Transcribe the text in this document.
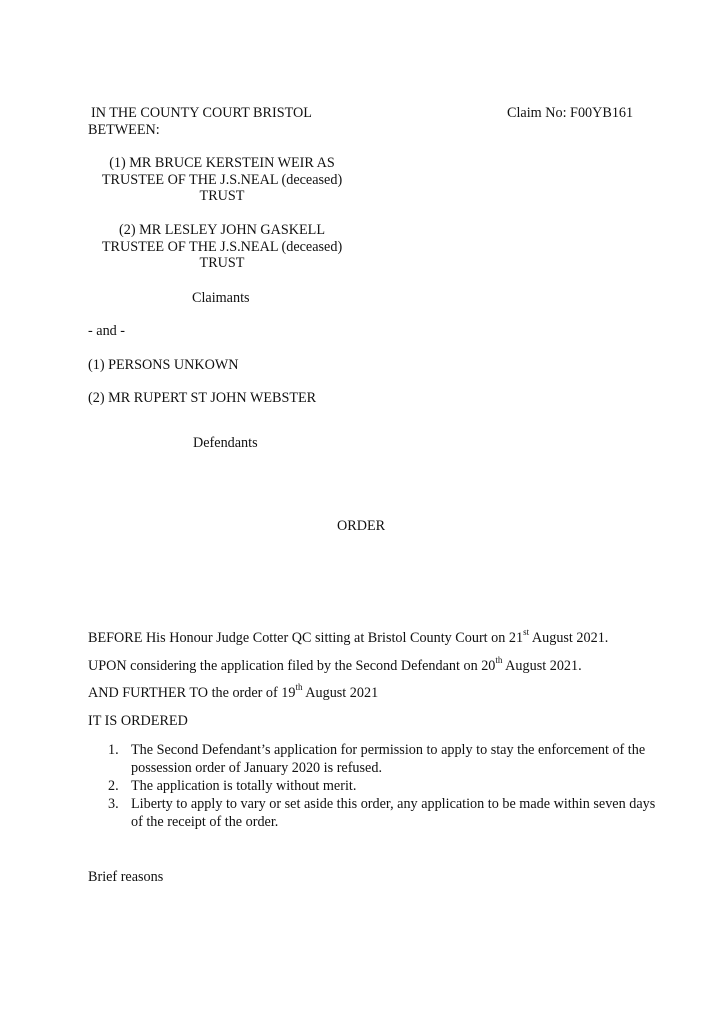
IN THE COUNTY COURT BRISTOL	Claim No: F00YB161
BETWEEN:
(1) MR BRUCE KERSTEIN WEIR AS
TRUSTEE OF THE J.S.NEAL (deceased)
TRUST
(2) MR LESLEY JOHN GASKELL
TRUSTEE OF THE J.S.NEAL (deceased)
TRUST
Claimants
- and -
(1) PERSONS UNKOWN
(2) MR RUPERT ST JOHN WEBSTER
Defendants
ORDER
BEFORE His Honour Judge Cotter QC sitting at Bristol County Court on 21st August 2021.
UPON considering the application filed by the Second Defendant on 20th August 2021.
AND FURTHER TO the order of 19th August 2021
IT IS ORDERED
1. The Second Defendant’s application for permission to apply to stay the enforcement of the possession order of January 2020 is refused.
2. The application is totally without merit.
3. Liberty to apply to vary or set aside this order, any application to be made within seven days of the receipt of the order.
Brief reasons
